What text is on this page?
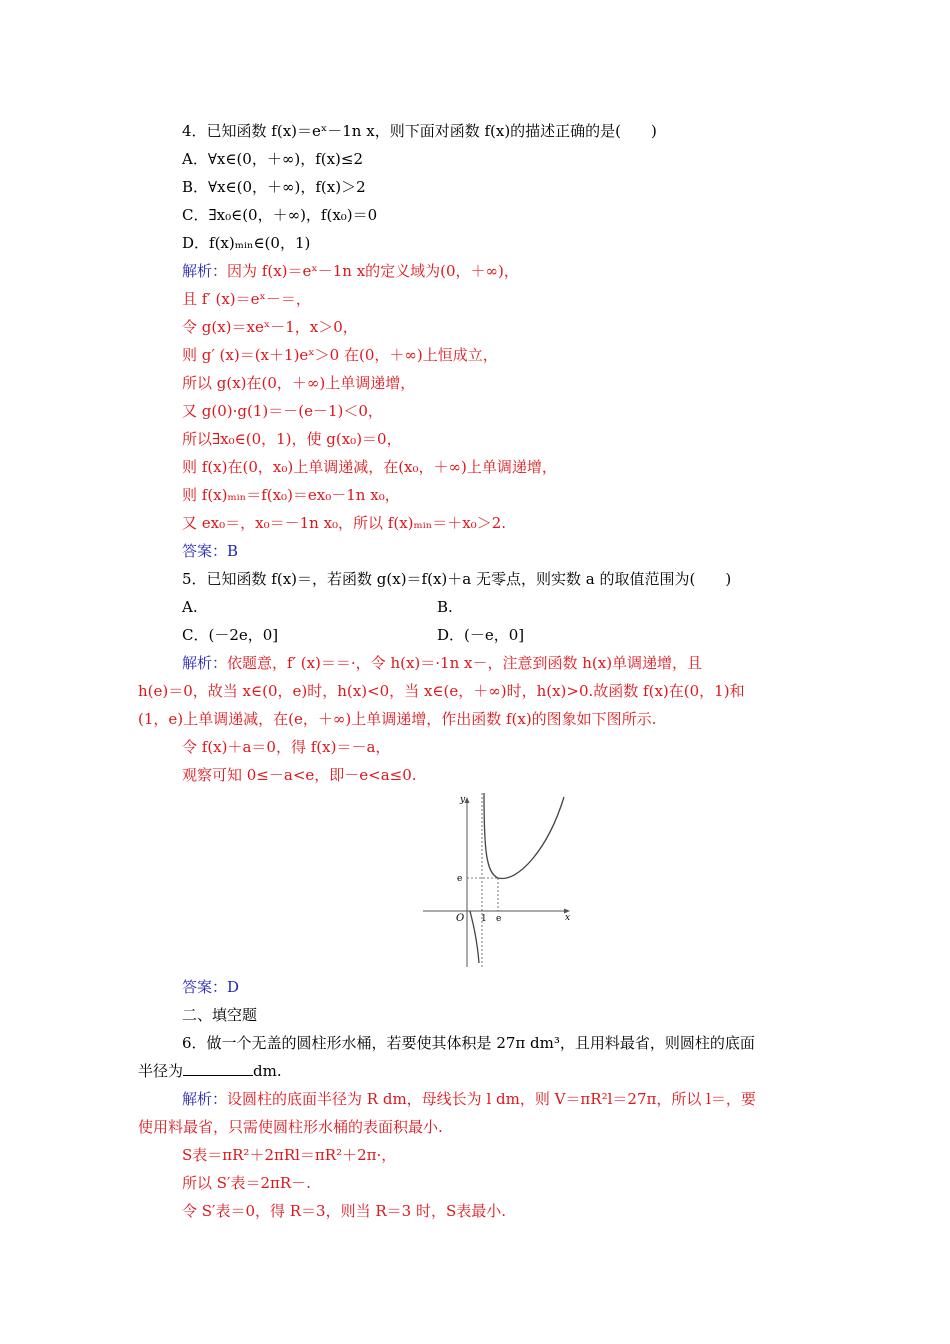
4．已知函数 f(x)＝eˣ－1n x，则下面对函数 f(x)的描述正确的是(　　)
A．∀x∈(0，＋∞)，f(x)≤2
B．∀x∈(0，＋∞)，f(x)＞2
C．∃x₀∈(0，＋∞)，f(x₀)＝0
D．f(x)ₘᵢₙ∈(0，1)
解析：因为 f(x)＝eˣ－1n x的定义域为(0，＋∞)，
且 f′ (x)＝eˣ－＝，
令 g(x)＝xeˣ－1，x＞0，
则 g′ (x)＝(x＋1)eˣ＞0 在(0，＋∞)上恒成立，
所以 g(x)在(0，＋∞)上单调递增，
又 g(0)·g(1)＝－(e－1)＜0，
所以∃x₀∈(0，1)，使 g(x₀)＝0，
则 f(x)在(0，x₀)上单调递减，在(x₀，＋∞)上单调递增，
则 f(x)ₘᵢₙ＝f(x₀)＝ex₀－1n x₀，
又 ex₀＝，x₀＝－1n x₀，所以 f(x)ₘᵢₙ＝＋x₀＞2.
答案：B
5．已知函数 f(x)＝，若函数 g(x)＝f(x)＋a 无零点，则实数 a 的取值范围为(　　)
A.	B.
C．(－2e，0]	D．(－e，0]
解析：依题意，f′ (x)＝＝·，令 h(x)＝·1n x－，注意到函数 h(x)单调递增，且
h(e)＝0，故当 x∈(0，e)时，h(x)<0，当 x∈(e，＋∞)时，h(x)>0.故函数 f(x)在(0，1)和
(1，e)上单调递减，在(e，＋∞)上单调递增，作出函数 f(x)的图象如下图所示.
令 f(x)＋a＝0，得 f(x)＝－a，
观察可知 0≤－a<e，即－e<a≤0.
y
x
O
e
1 e
答案：D
二、填空题
6．做一个无盖的圆柱形水桶，若要使其体积是 27π dm³，且用料最省，则圆柱的底面
半径为	dm.
解析：设圆柱的底面半径为 R dm，母线长为 l dm，则 V＝πR²l＝27π，所以 l＝，要
使用料最省，只需使圆柱形水桶的表面积最小.
S表＝πR²＋2πRl＝πR²＋2π·，
所以 S′表＝2πR－.
令 S′表＝0，得 R＝3，则当 R＝3 时，S表最小.
